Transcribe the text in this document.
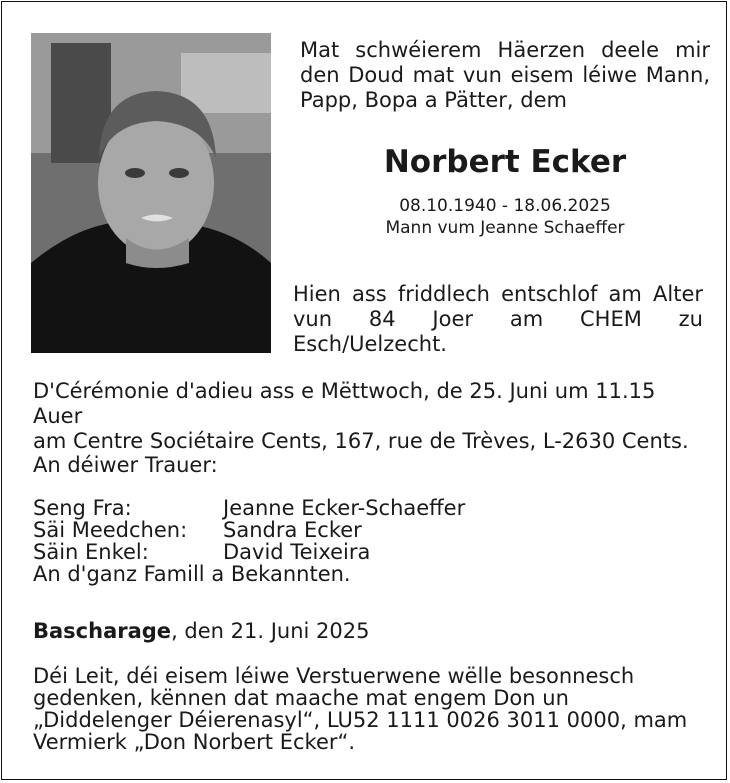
Mat schwéierem Häerzen deele mir den Doud mat vun eisem léiwe Mann, Papp, Bopa a Pätter, dem
Norbert Ecker
08.10.1940 - 18.06.2025
Mann vum Jeanne Schaeffer
Hien ass friddlech entschlof am Alter
vun 84 Joer am CHEM zu
Esch/Uelzecht.
D'Cérémonie d'adieu ass e Mëttwoch, de 25. Juni um 11.15 Auer
am Centre Sociétaire Cents, 167, rue de Trèves, L-2630 Cents.
An déiwer Trauer:
Seng Fra:	Jeanne Ecker-Schaeffer
Säi Meedchen:	Sandra Ecker
Säin Enkel:	David Teixeira
An d'ganz Famill a Bekannten.
Bascharage, den 21. Juni 2025
Déi Leit, déi eisem léiwe Verstuerwene wëlle besonnesch
gedenken, kënnen dat maache mat engem Don un
„Diddelenger Déierenasyl“, LU52 1111 0026 3011 0000, mam
Vermierk „Don Norbert Ecker“.
